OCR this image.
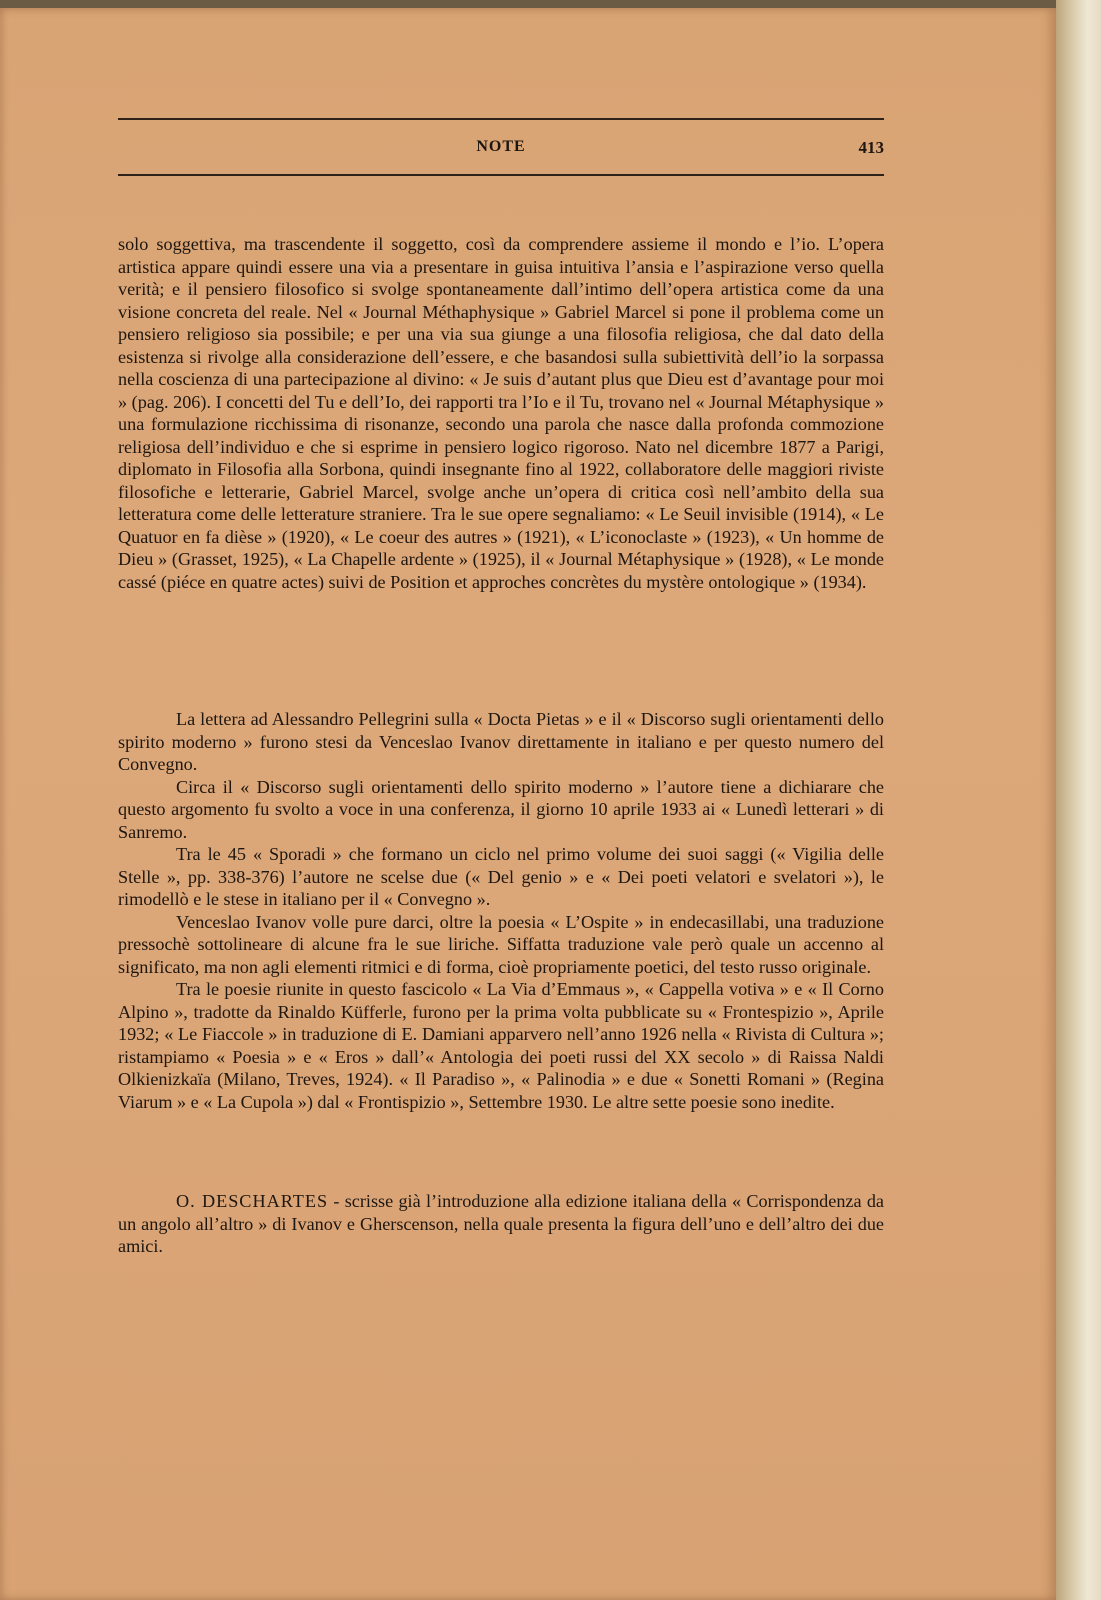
NOTE	413

solo soggettiva, ma trascendente il soggetto, così da comprendere assieme il mondo e l’io. L’opera artistica appare quindi essere una via a presentare in guisa intuitiva l’ansia e l’aspirazione verso quella verità; e il pensiero filosofico si svolge spontaneamente dall’intimo dell’opera artistica come da una visione concreta del reale. Nel « Journal Méthaphysique » Gabriel Marcel si pone il problema come un pensiero religioso sia possibile; e per una via sua giunge a una filosofia religiosa, che dal dato della esistenza si rivolge alla considerazione dell’essere, e che basandosi sulla subiettività dell’io la sorpassa nella coscienza di una partecipazione al divino: « Je suis d’autant plus que Dieu est d’avantage pour moi » (pag. 206). I concetti del Tu e dell’Io, dei rapporti tra l’Io e il Tu, trovano nel « Journal Métaphysique » una formulazione ricchissima di risonanze, secondo una parola che nasce dalla profonda commozione religiosa dell’individuo e che si esprime in pensiero logico rigoroso. Nato nel dicembre 1877 a Parigi, diplomato in Filosofia alla Sorbona, quindi insegnante fino al 1922, collaboratore delle maggiori riviste filosofiche e letterarie, Gabriel Marcel, svolge anche un’opera di critica così nell’ambito della sua letteratura come delle letterature straniere. Tra le sue opere segnaliamo: « Le Seuil invisible (1914), « Le Quatuor en fa dièse » (1920), « Le coeur des autres » (1921), « L’iconoclaste » (1923), « Un homme de Dieu » (Grasset, 1925), « La Chapelle ardente » (1925), il « Journal Métaphysique » (1928), « Le monde cassé (piéce en quatre actes) suivi de Position et approches concrètes du mystère ontologique » (1934).

La lettera ad Alessandro Pellegrini sulla « Docta Pietas » e il « Discorso sugli orientamenti dello spirito moderno » furono stesi da Venceslao Ivanov direttamente in italiano e per questo numero del Convegno.

Circa il « Discorso sugli orientamenti dello spirito moderno » l’autore tiene a dichiarare che questo argomento fu svolto a voce in una conferenza, il giorno 10 aprile 1933 ai « Lunedì letterari » di Sanremo.

Tra le 45 « Sporadi » che formano un ciclo nel primo volume dei suoi saggi (« Vigilia delle Stelle », pp. 338-376) l’autore ne scelse due (« Del genio » e « Dei poeti velatori e svelatori »), le rimodellò e le stese in italiano per il « Convegno ».

Venceslao Ivanov volle pure darci, oltre la poesia « L’Ospite » in endecasillabi, una traduzione pressochè sottolineare di alcune fra le sue liriche. Siffatta traduzione vale però quale un accenno al significato, ma non agli elementi ritmici e di forma, cioè propriamente poetici, del testo russo originale.

Tra le poesie riunite in questo fascicolo « La Via d’Emmaus », « Cappella votiva » e « Il Corno Alpino », tradotte da Rinaldo Küfferle, furono per la prima volta pubblicate su « Frontespizio », Aprile 1932; « Le Fiaccole » in traduzione di E. Damiani apparvero nell’anno 1926 nella « Rivista di Cultura »; ristampiamo « Poesia » e « Eros » dall’« Antologia dei poeti russi del XX secolo » di Raissa Naldi Olkienizkaïa (Milano, Treves, 1924). « Il Paradiso », « Palinodia » e due « Sonetti Romani » (Regina Viarum » e « La Cupola ») dal « Frontispizio », Settembre 1930. Le altre sette poesie sono inedite.

O. DESCHARTES - scrisse già l’introduzione alla edizione italiana della « Corrispondenza da un angolo all’altro » di Ivanov e Gherscenson, nella quale presenta la figura dell’uno e dell’altro dei due amici.
